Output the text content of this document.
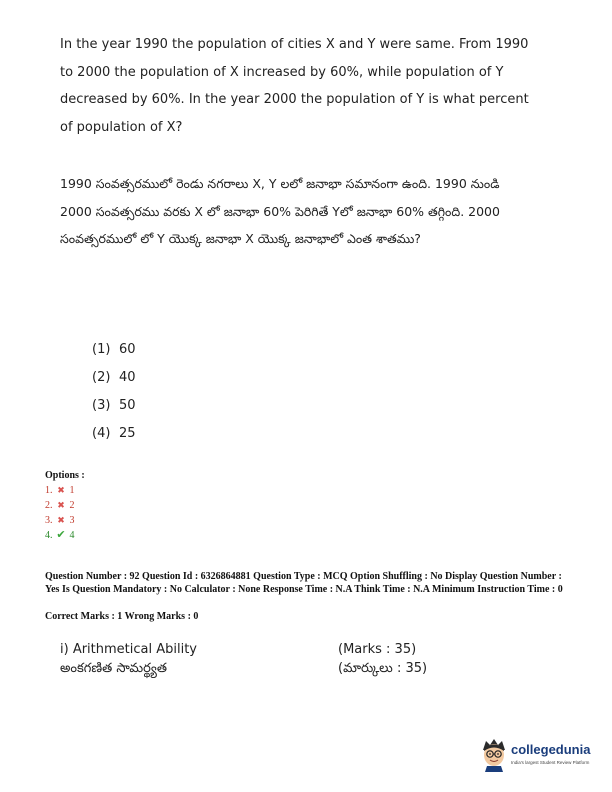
In the year 1990 the population of cities X and Y were same. From 1990 to 2000 the population of X increased by 60%, while population of Y decreased by 60%. In the year 2000 the population of Y is what percent of population of X?
1990 సంవత్సరములో రెండు నగరాలు X, Y లలో జనాభా సమానంగా ఉంది. 1990 నుండి 2000 సంవత్సరము వరకు X లో జనాభా 60% పెరిగితే Yలో జనాభా 60% తగ్గింది. 2000 సంవత్సరములో లో Y యొక్క జనాభా X యొక్క జనాభాలో ఎంత శాతము?
(1) 60
(2) 40
(3) 50
(4) 25
Options :
1. ✖ 1
2. ✖ 2
3. ✖ 3
4. ✔ 4
Question Number : 92 Question Id : 6326864881 Question Type : MCQ Option Shuffling : No Display Question Number : Yes Is Question Mandatory : No Calculator : None Response Time : N.A Think Time : N.A Minimum Instruction Time : 0
Correct Marks : 1 Wrong Marks : 0
i) Arithmetical Ability	(Marks : 35)
అంకగణిత సామర్థ్యత	(మార్కులు : 35)
collegedunia
India's largest Student Review Platform
